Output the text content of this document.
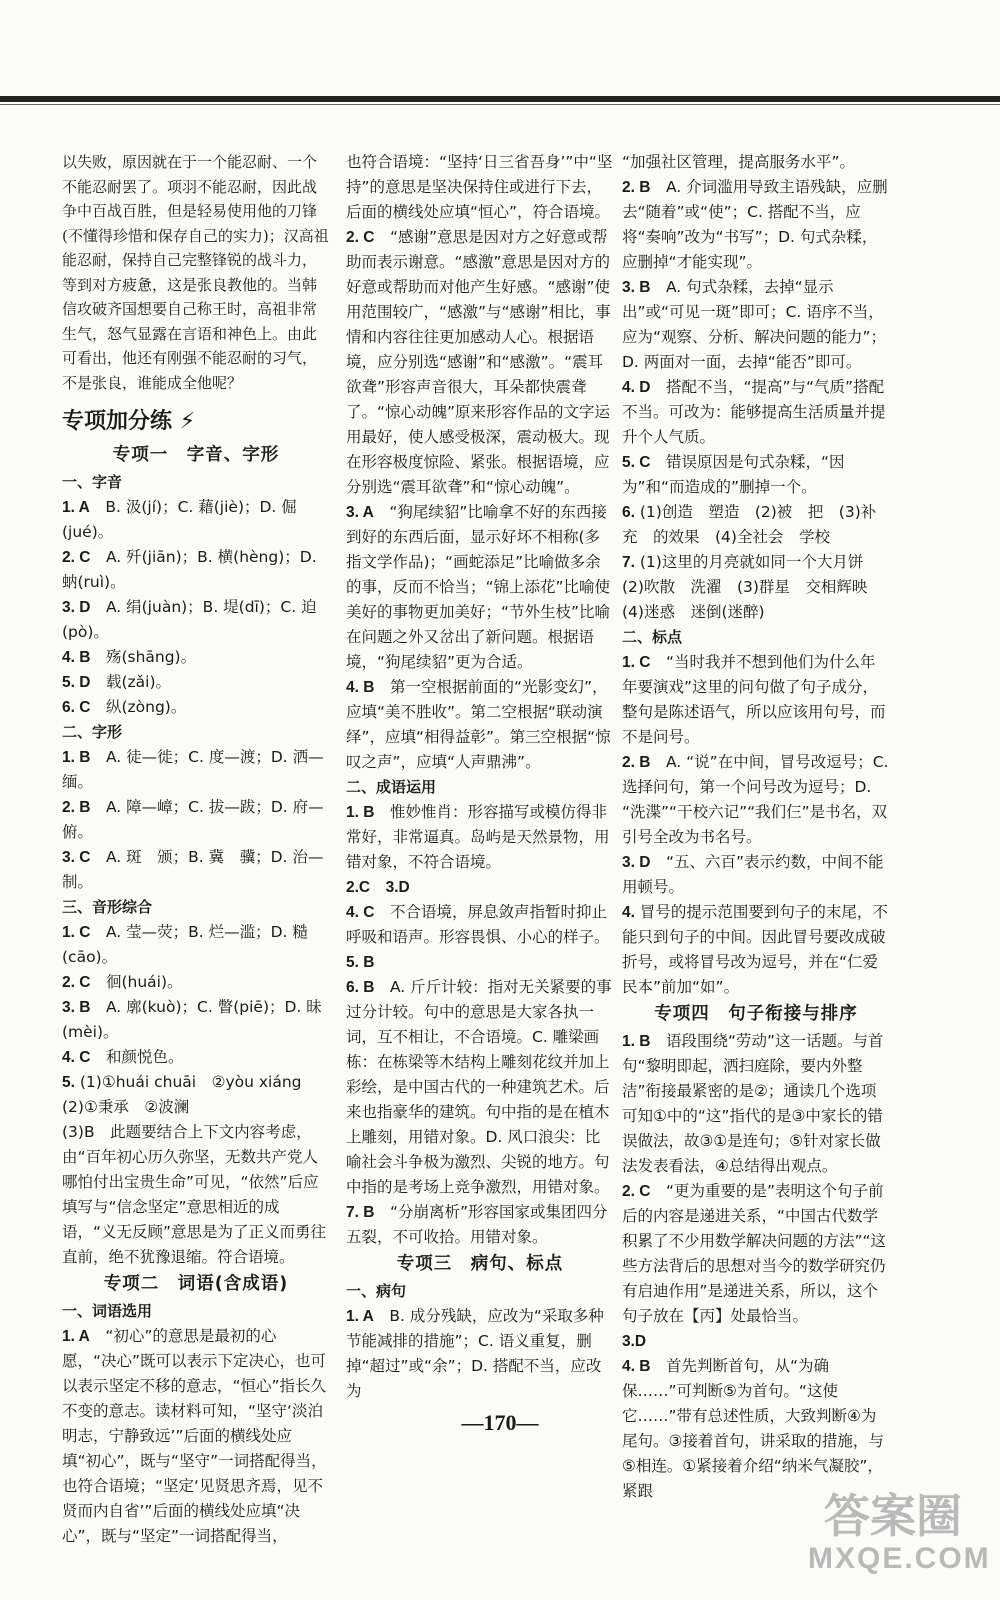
以失败，原因就在于一个能忍耐、一个不能忍耐罢了。项羽不能忍耐，因此战争中百战百胜，但是轻易使用他的刀锋(不懂得珍惜和保存自己的实力)；汉高祖能忍耐，保持自己完整锋锐的战斗力，等到对方疲惫，这是张良教他的。当韩信攻破齐国想要自己称王时，高祖非常生气，怒气显露在言语和神色上。由此可看出，他还有刚强不能忍耐的习气，不是张良，谁能成全他呢？

专项加分练 ⚡

专项一　字音、字形

一、字音

1. A　 B. 汲(jí)；C. 藉(jiè)；D. 倔(jué)。

2. C　 A. 歼(jiān)；B. 横(hèng)；D. 蚋(ruì)。

3. D　 A. 绢(juàn)；B. 堤(dī)；C. 迫(pò)。

4. B　 殇(shāng)。

5. D　 载(zǎi)。

6. C　 纵(zòng)。

二、字形

1. B　 A. 徒—徙；C. 度—渡；D. 洒—缅。

2. B　 A. 障—嶂；C. 拔—跋；D. 府—俯。

3. C　 A. 斑　颁；B. 冀　骥；D. 治—制。

三、音形综合

1. C　 A. 莹—荧；B. 烂—滥；D. 糙(cāo)。

2. C　 徊(huái)。

3. B　 A. 廓(kuò)；C. 瞥(piē)；D. 昧(mèi)。

4. C　 和颜悦色。

5. (1)①huái chuāi　②yòu xiáng　(2)①秉承　②波澜

(3)B　此题要结合上下文内容考虑，由“百年初心历久弥坚，无数共产党人哪怕付出宝贵生命”可见，“依然”后应填写与“信念坚定”意思相近的成语，“义无反顾”意思是为了正义而勇往直前，绝不犹豫退缩。符合语境。

专项二　词语(含成语)

一、词语选用

1. A　 “初心”的意思是最初的心愿，“决心”既可以表示下定决心，也可以表示坚定不移的意志，“恒心”指长久不变的意志。读材料可知，“坚守‘淡泊明志，宁静致远’”后面的横线处应填“初心”，既与“坚守”一词搭配得当，也符合语境；“坚定‘见贤思齐焉，见不贤而内自省’”后面的横线处应填“决心”，既与“坚定”一词搭配得当，

也符合语境：“坚持‘日三省吾身’”中“坚持”的意思是坚决保持住或进行下去，后面的横线处应填“恒心”，符合语境。

2. C　 “感谢”意思是因对方之好意或帮助而表示谢意。“感激”意思是因对方的好意或帮助而对他产生好感。“感谢”使用范围较广，“感激”与“感谢”相比，事情和内容往往更加感动人心。根据语境，应分别选“感谢”和“感激”。“震耳欲聋”形容声音很大，耳朵都快震聋了。“惊心动魄”原来形容作品的文字运用最好，使人感受极深，震动极大。现在形容极度惊险、紧张。根据语境，应分别选“震耳欲聋”和“惊心动魄”。

3. A　 “狗尾续貂”比喻拿不好的东西接到好的东西后面，显示好坏不相称(多指文学作品)；“画蛇添足”比喻做多余的事，反而不恰当；“锦上添花”比喻使美好的事物更加美好；“节外生枝”比喻在问题之外又岔出了新问题。根据语境，“狗尾续貂”更为合适。

4. B　 第一空根据前面的“光影变幻”，应填“美不胜收”。第二空根据“联动演绎”，应填“相得益彰”。第三空根据“惊叹之声”，应填“人声鼎沸”。

二、成语运用

1. B　 惟妙惟肖：形容描写或模仿得非常好，非常逼真。岛屿是天然景物，用错对象，不符合语境。

2.C　3.D

4. C　 不合语境，屏息敛声指暂时抑止呼吸和语声。形容畏惧、小心的样子。

5. B

6. B　 A. 斤斤计较：指对无关紧要的事过分计较。句中的意思是大家各执一词，互不相让，不合语境。C. 雕梁画栋：在栋梁等木结构上雕刻花纹并加上彩绘，是中国古代的一种建筑艺术。后来也指豪华的建筑。句中指的是在植木上雕刻，用错对象。D. 风口浪尖：比喻社会斗争极为激烈、尖锐的地方。句中指的是考场上竞争激烈，用错对象。

7. B　 “分崩离析”形容国家或集团四分五裂，不可收拾。用错对象。

专项三　病句、标点

一、病句

1. A　 B. 成分残缺，应改为“采取多种节能减排的措施”；C. 语义重复，删掉“超过”或“余”；D. 搭配不当，应改为

“加强社区管理，提高服务水平”。

2. B　 A. 介词滥用导致主语残缺，应删去“随着”或“使”；C. 搭配不当，应将“奏响”改为“书写”；D. 句式杂糅，应删掉“才能实现”。

3. B　 A. 句式杂糅，去掉“显示出”或“可见一斑”即可；C. 语序不当，应为“观察、分析、解决问题的能力”；D. 两面对一面，去掉“能否”即可。

4. D　 搭配不当，“提高”与“气质”搭配不当。可改为：能够提高生活质量并提升个人气质。

5. C　 错误原因是句式杂糅，“因为”和“而造成的”删掉一个。

6. (1)创造　塑造　(2)被　把　(3)补充　的效果　(4)全社会　学校

7. (1)这里的月亮就如同一个大月饼　(2)吹散　洗濯　(3)群星　交相辉映　(4)迷惑　迷倒(迷醉)

二、标点

1. C　 “当时我并不想到他们为什么年年要演戏”这里的问句做了句子成分，整句是陈述语气，所以应该用句号，而不是问号。

2. B　 A. “说”在中间，冒号改逗号；C. 选择问句，第一个问号改为逗号；D. “洗渫”“干校六记”“我们仨”是书名，双引号全改为书名号。

3. D　 “五、六百”表示约数，中间不能用顿号。

4. 冒号的提示范围要到句子的末尾，不能只到句子的中间。因此冒号要改成破折号，或将冒号改为逗号，并在“仁爱民本”前加“如”。

专项四　句子衔接与排序

1. B　 语段围绕“劳动”这一话题。与首句“黎明即起，洒扫庭除，要内外整洁”衔接最紧密的是②；通读几个选项可知①中的“这”指代的是③中家长的错误做法，故③①是连句；⑤针对家长做法发表看法，④总结得出观点。

2. C　 “更为重要的是”表明这个句子前后的内容是递进关系，“中国古代数学积累了不少用数学解决问题的方法”“这些方法背后的思想对当今的数学研究仍有启迪作用”是递进关系，所以，这个句子放在【丙】处最恰当。

3.D

4. B　 首先判断首句，从“为确保……”可判断⑤为首句。“这使它……”带有总述性质，大致判断④为尾句。③接着首句，讲采取的措施，与⑤相连。①紧接着介绍“纳米气凝胶”，紧跟

—170—
答案圈
MXQE.COM
